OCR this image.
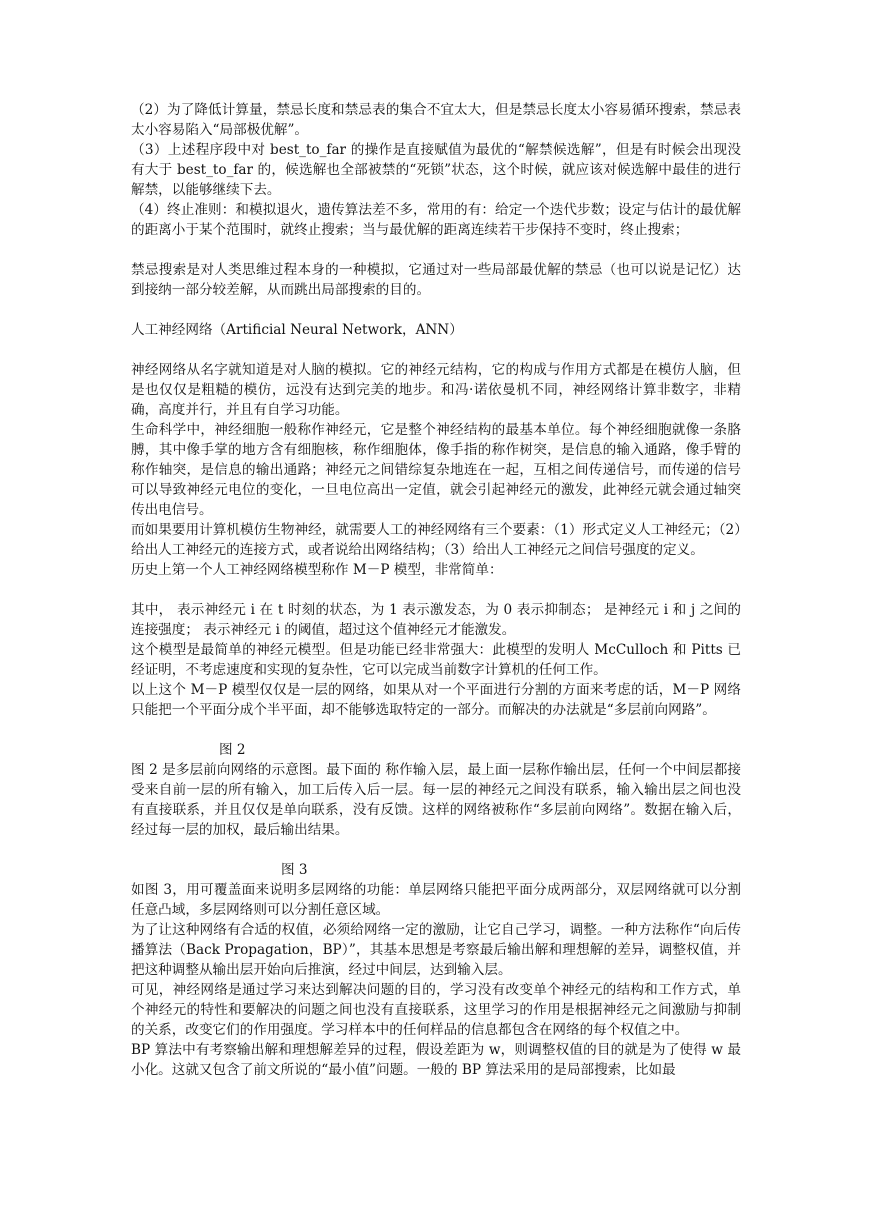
（2）为了降低计算量，禁忌长度和禁忌表的集合不宜太大，但是禁忌长度太小容易循环搜索，禁忌表太小容易陷入“局部极优解”。

（3）上述程序段中对 best_to_far 的操作是直接赋值为最优的“解禁候选解”，但是有时候会出现没有大于 best_to_far 的，候选解也全部被禁的“死锁”状态，这个时候，就应该对候选解中最佳的进行解禁，以能够继续下去。

（4）终止准则：和模拟退火，遗传算法差不多，常用的有：给定一个迭代步数；设定与估计的最优解的距离小于某个范围时，就终止搜索；当与最优解的距离连续若干步保持不变时，终止搜索；

禁忌搜索是对人类思维过程本身的一种模拟，它通过对一些局部最优解的禁忌（也可以说是记忆）达到接纳一部分较差解，从而跳出局部搜索的目的。

人工神经网络（Artificial Neural Network，ANN）

神经网络从名字就知道是对人脑的模拟。它的神经元结构，它的构成与作用方式都是在模仿人脑，但是也仅仅是粗糙的模仿，远没有达到完美的地步。和冯·诺依曼机不同，神经网络计算非数字，非精确，高度并行，并且有自学习功能。

生命科学中，神经细胞一般称作神经元，它是整个神经结构的最基本单位。每个神经细胞就像一条胳膊，其中像手掌的地方含有细胞核，称作细胞体，像手指的称作树突，是信息的输入通路，像手臂的称作轴突，是信息的输出通路；神经元之间错综复杂地连在一起，互相之间传递信号，而传递的信号可以导致神经元电位的变化，一旦电位高出一定值，就会引起神经元的激发，此神经元就会通过轴突传出电信号。

而如果要用计算机模仿生物神经，就需要人工的神经网络有三个要素：（1）形式定义人工神经元；（2）给出人工神经元的连接方式，或者说给出网络结构；（3）给出人工神经元之间信号强度的定义。

历史上第一个人工神经网络模型称作 M－P 模型，非常简单：

其中， 表示神经元 i 在 t 时刻的状态，为 1 表示激发态，为 0 表示抑制态； 是神经元 i 和 j 之间的连接强度； 表示神经元 i 的阈值，超过这个值神经元才能激发。

这个模型是最简单的神经元模型。但是功能已经非常强大：此模型的发明人 McCulloch 和 Pitts 已经证明，不考虑速度和实现的复杂性，它可以完成当前数字计算机的任何工作。

以上这个 M－P 模型仅仅是一层的网络，如果从对一个平面进行分割的方面来考虑的话，M－P 网络只能把一个平面分成个半平面，却不能够选取特定的一部分。而解决的办法就是“多层前向网路”。

图 2

图 2 是多层前向网络的示意图。最下面的 称作输入层，最上面一层称作输出层，任何一个中间层都接受来自前一层的所有输入，加工后传入后一层。每一层的神经元之间没有联系，输入输出层之间也没有直接联系，并且仅仅是单向联系，没有反馈。这样的网络被称作“多层前向网络”。数据在输入后，经过每一层的加权，最后输出结果。

图 3

如图 3，用可覆盖面来说明多层网络的功能：单层网络只能把平面分成两部分，双层网络就可以分割任意凸域，多层网络则可以分割任意区域。

为了让这种网络有合适的权值，必须给网络一定的激励，让它自己学习，调整。一种方法称作“向后传播算法（Back Propagation，BP）”，其基本思想是考察最后输出解和理想解的差异，调整权值，并把这种调整从输出层开始向后推演，经过中间层，达到输入层。

可见，神经网络是通过学习来达到解决问题的目的，学习没有改变单个神经元的结构和工作方式，单个神经元的特性和要解决的问题之间也没有直接联系，这里学习的作用是根据神经元之间激励与抑制的关系，改变它们的作用强度。学习样本中的任何样品的信息都包含在网络的每个权值之中。

BP 算法中有考察输出解和理想解差异的过程，假设差距为 w，则调整权值的目的就是为了使得 w 最小化。这就又包含了前文所说的“最小值”问题。一般的 BP 算法采用的是局部搜索，比如最
